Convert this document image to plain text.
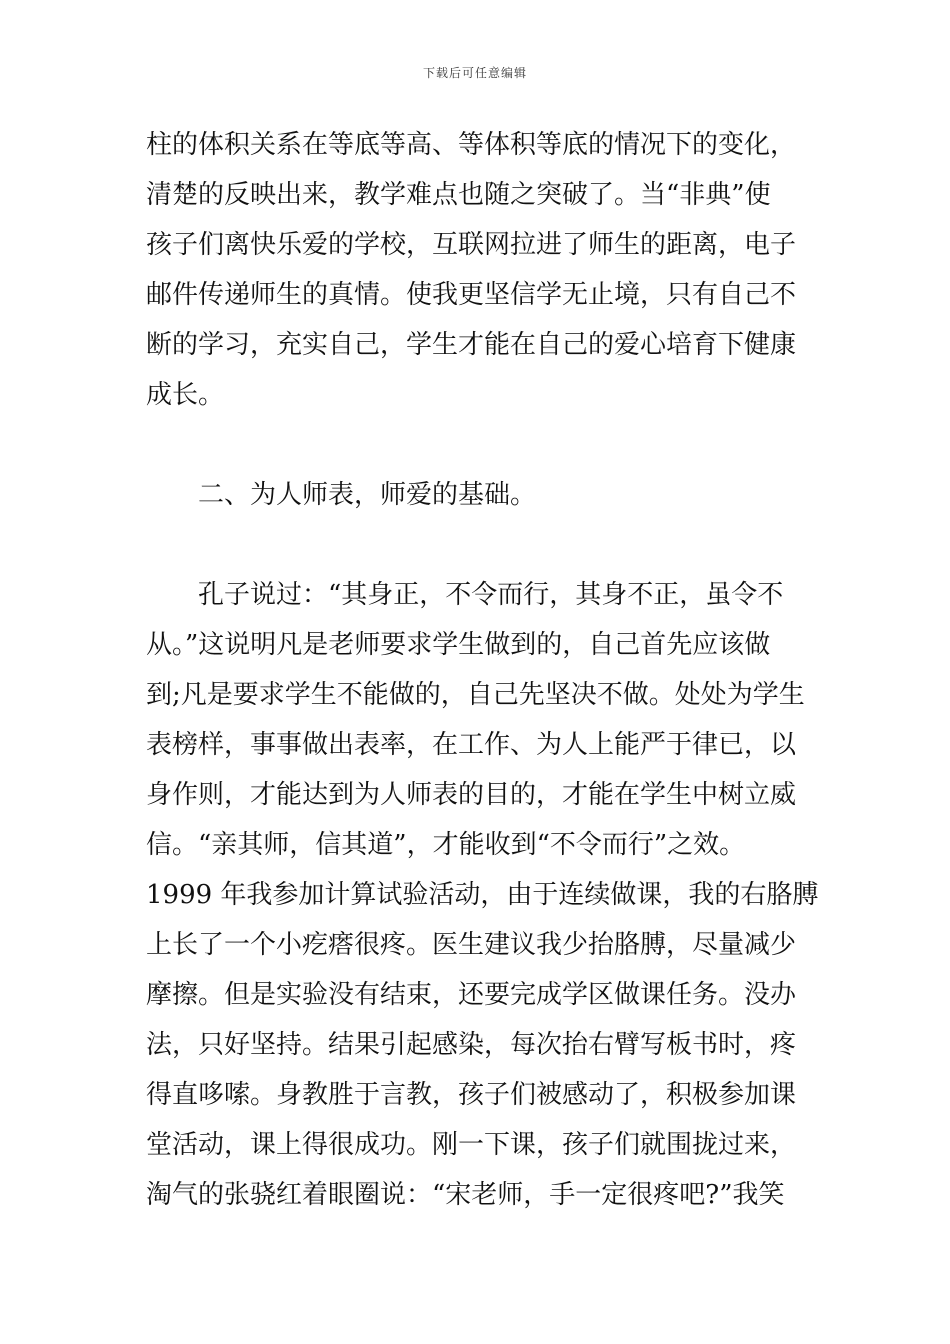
下载后可任意编辑
柱的体积关系在等底等高、等体积等底的情况下的变化，
清楚的反映出来，教学难点也随之突破了。当“非典”使
孩子们离快乐爱的学校，互联网拉进了师生的距离，电子
邮件传递师生的真情。使我更坚信学无止境，只有自己不
断的学习，充实自己，学生才能在自己的爱心培育下健康
成长。
二、为人师表，师爱的基础。
孔子说过：“其身正，不令而行，其身不正，虽令不
从。”这说明凡是老师要求学生做到的，自己首先应该做
到;凡是要求学生不能做的，自己先坚决不做。处处为学生
表榜样，事事做出表率，在工作、为人上能严于律已，以
身作则，才能达到为人师表的目的，才能在学生中树立威
信。“亲其师，信其道”，才能收到“不令而行”之效。
1999 年我参加计算试验活动，由于连续做课，我的右胳膊
上长了一个小疙瘩很疼。医生建议我少抬胳膊，尽量减少
摩擦。但是实验没有结束，还要完成学区做课任务。没办
法，只好坚持。结果引起感染，每次抬右臂写板书时，疼
得直哆嗦。身教胜于言教，孩子们被感动了，积极参加课
堂活动，课上得很成功。刚一下课，孩子们就围拢过来，
淘气的张骁红着眼圈说：“宋老师，手一定很疼吧?”我笑
